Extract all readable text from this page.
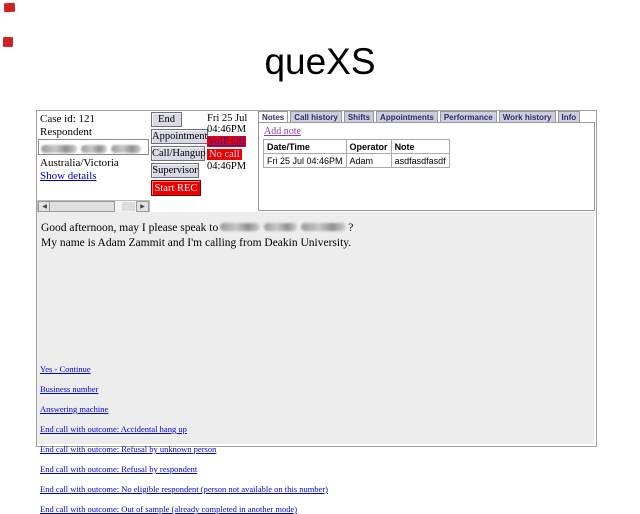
queXS
Case id: 121
Respondent
Australia/Victoria
Show details
◀	▶
End
Appointment
Call/Hangup
Supervisor
Start REC
Fri 25 Jul
04:46PM
VoIP Off
No call
04:46PM
Notes	Call history	Shifts	Appointments	Performance	Work history	Info
Add note
Date/Time	Operator	Note
Fri 25 Jul 04:46PM	Adam	asdfasdfasdf
Good afternoon, may I please speak to	?
My name is Adam Zammit and I'm calling from Deakin University.
Yes - Continue
Business number
Answering machine
End call with outcome: Accidental hang up
End call with outcome: Refusal by unknown person
End call with outcome: Refusal by respondent
End call with outcome: No eligible respondent (person not available on this number)
End call with outcome: Out of sample (already completed in another mode)
